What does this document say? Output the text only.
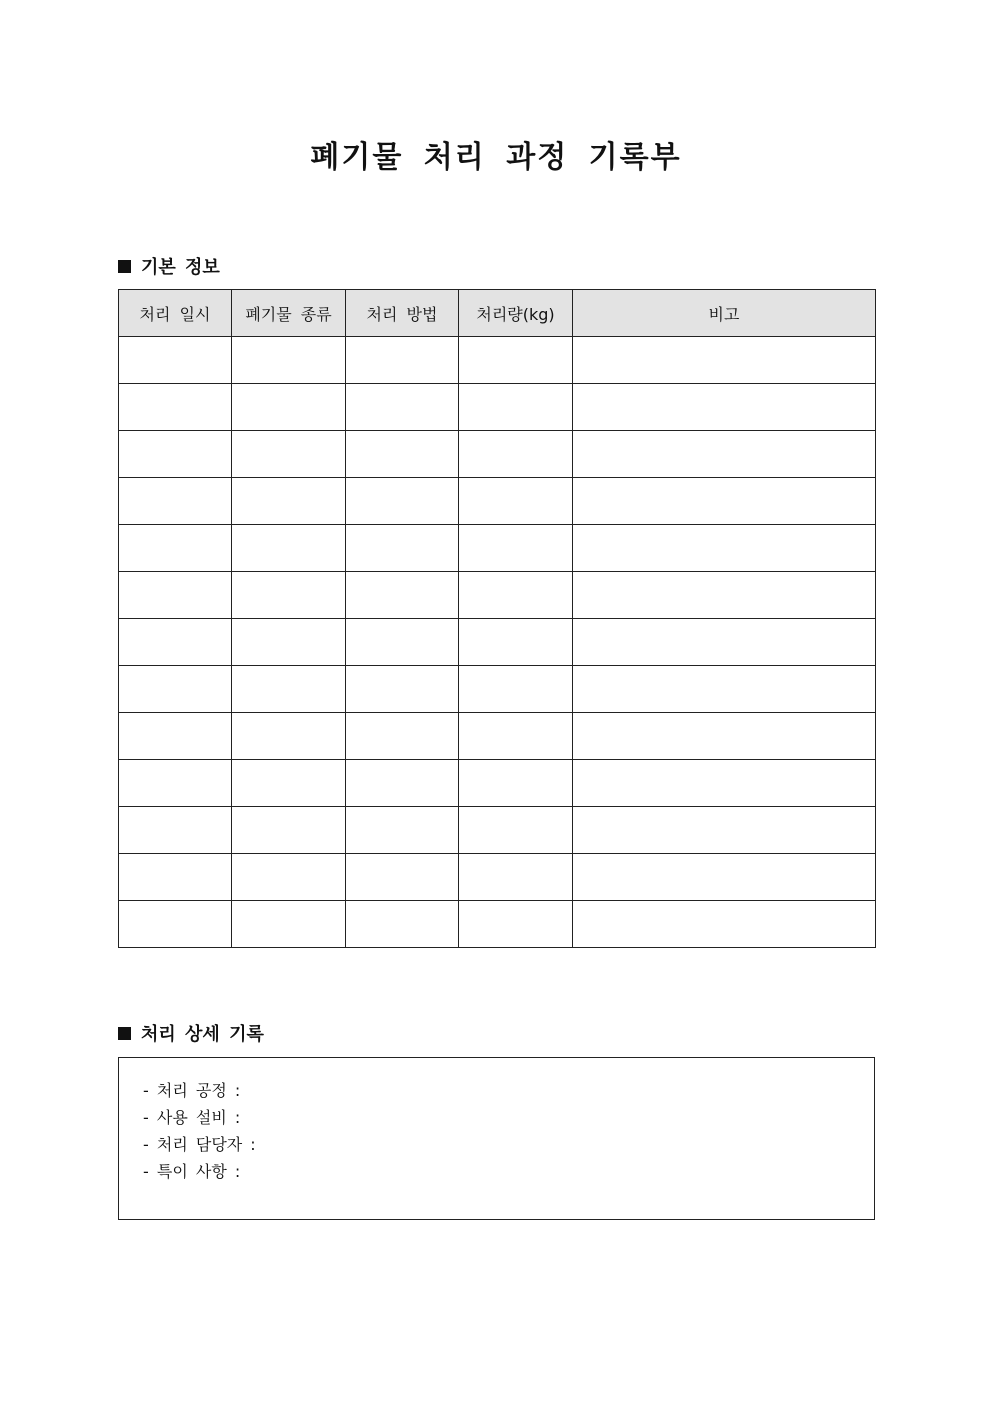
폐기물 처리 과정 기록부
기본 정보
처리 일시	폐기물 종류	처리 방법	처리량(kg)	비고

처리 상세 기록
- 처리 공정 :
- 사용 설비 :
- 처리 담당자 :
- 특이 사항 :
